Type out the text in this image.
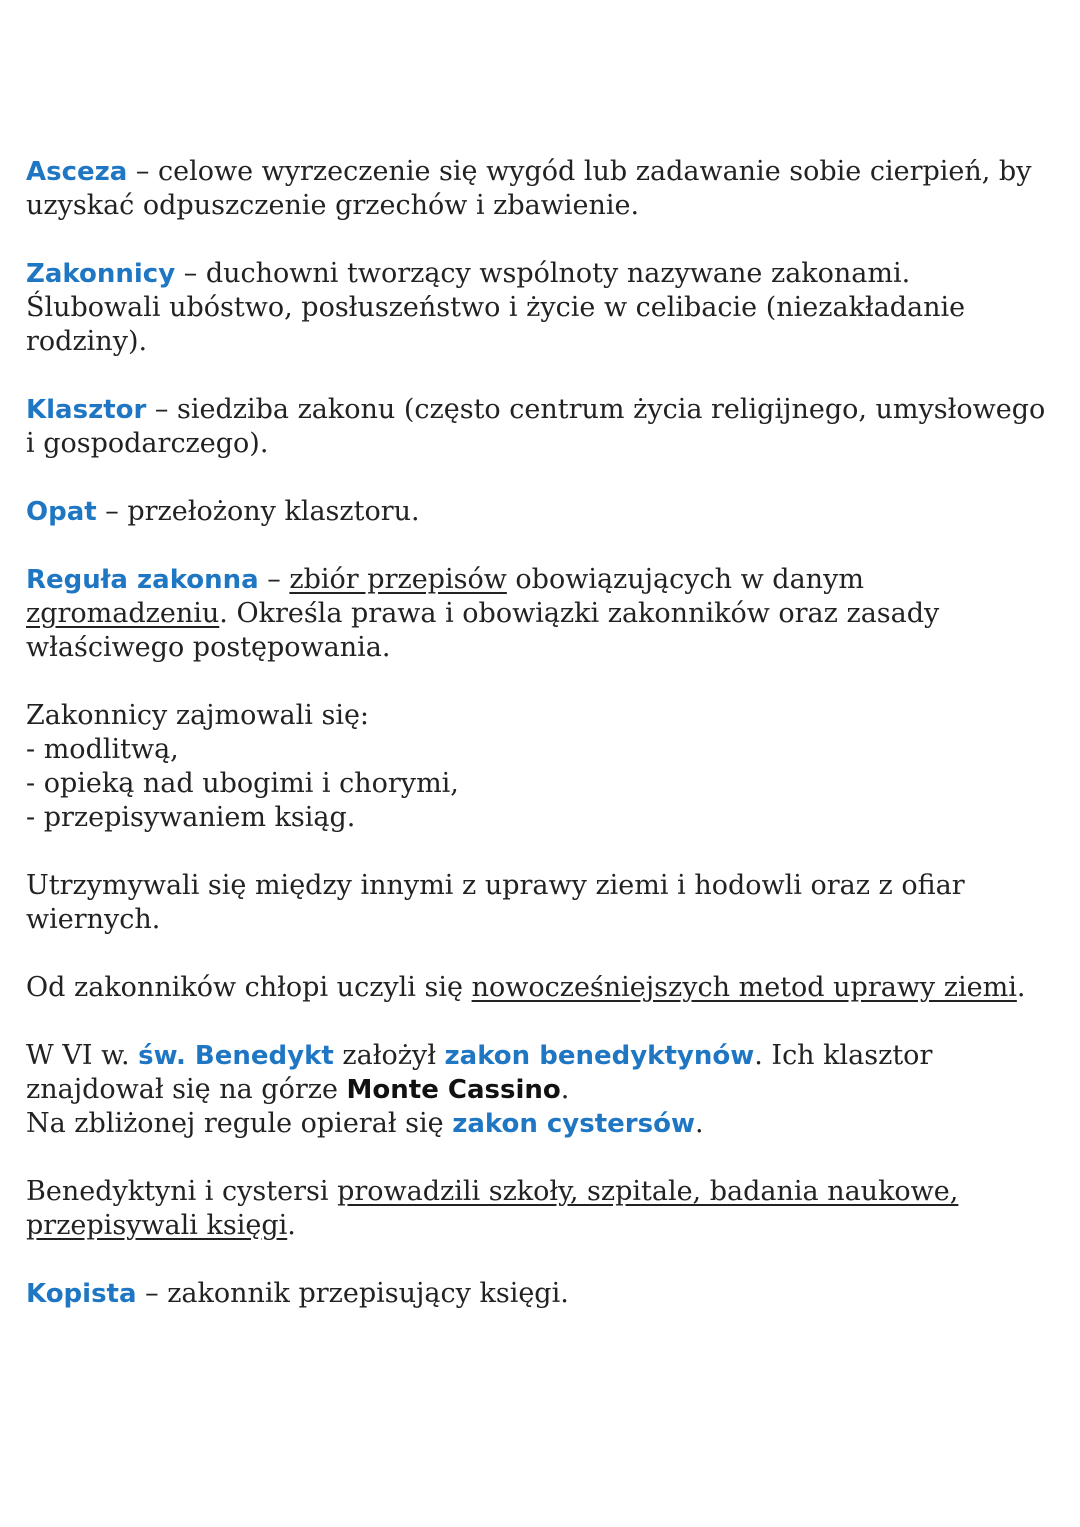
Asceza – celowe wyrzeczenie się wygód lub zadawanie sobie cierpień, by uzyskać odpuszczenie grzechów i zbawienie.

Zakonnicy – duchowni tworzący wspólnoty nazywane zakonami. Ślubowali ubóstwo, posłuszeństwo i życie w celibacie (niezakładanie rodziny).

Klasztor – siedziba zakonu (często centrum życia religijnego, umysłowego i gospodarczego).

Opat – przełożony klasztoru.

Reguła zakonna – zbiór przepisów obowiązujących w danym zgromadzeniu. Określa prawa i obowiązki zakonników oraz zasady właściwego postępowania.

Zakonnicy zajmowali się:
- modlitwą,
- opieką nad ubogimi i chorymi,
- przepisywaniem ksiąg.

Utrzymywali się między innymi z uprawy ziemi i hodowli oraz z ofiar wiernych.

Od zakonników chłopi uczyli się nowocześniejszych metod uprawy ziemi.

W VI w. św. Benedykt założył zakon benedyktynów. Ich klasztor znajdował się na górze Monte Cassino.
Na zbliżonej regule opierał się zakon cystersów.

Benedyktyni i cystersi prowadzili szkoły, szpitale, badania naukowe, przepisywali księgi.

Kopista – zakonnik przepisujący księgi.
